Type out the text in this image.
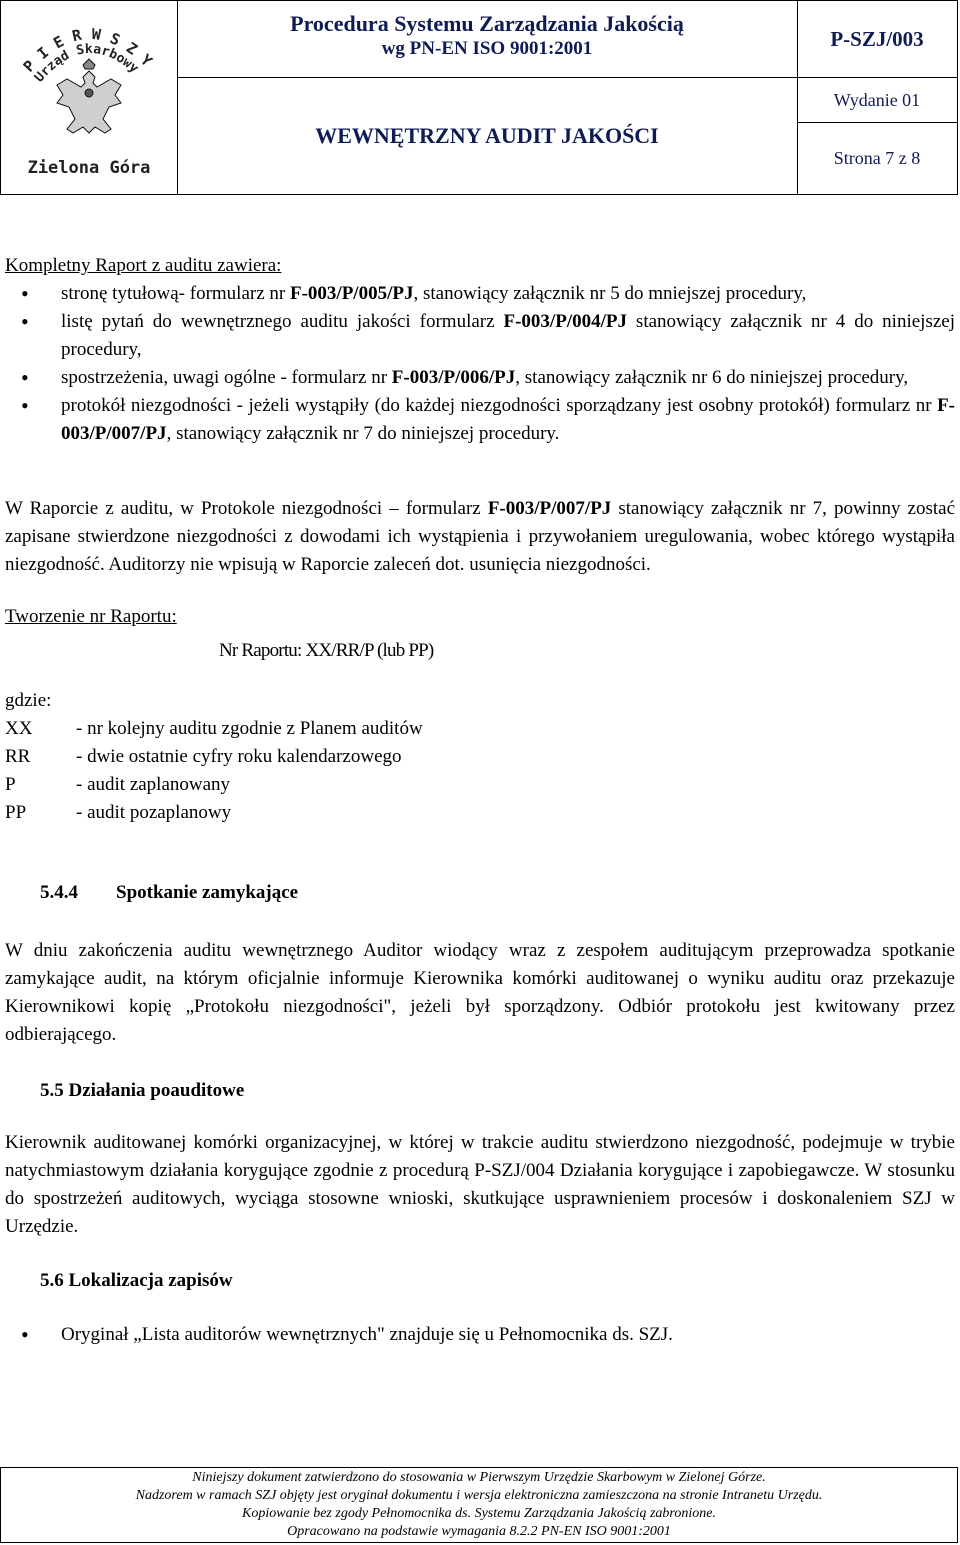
P I E R W S Z Y
Urząd Skarbowy
Zielona Góra
Procedura Systemu Zarządzania Jakością
wg PN-EN ISO 9001:2001
WEWNĘTRZNY AUDIT JAKOŚCI
P-SZJ/003
Wydanie 01
Strona 7 z 8
Kompletny Raport z auditu zawiera:
• stronę tytułową- formularz nr F-003/P/005/PJ, stanowiący załącznik nr 5 do mniejszej procedury,
• listę pytań do wewnętrznego auditu jakości formularz F-003/P/004/PJ stanowiący załącznik nr 4 do niniejszej procedury,
• spostrzeżenia, uwagi ogólne - formularz nr F-003/P/006/PJ, stanowiący załącznik nr 6 do niniejszej procedury,
• protokół niezgodności - jeżeli wystąpiły (do każdej niezgodności sporządzany jest osobny protokół) formularz nr F-003/P/007/PJ, stanowiący załącznik nr 7 do niniejszej procedury.

W Raporcie z auditu, w Protokole niezgodności – formularz F-003/P/007/PJ stanowiący załącznik nr 7, powinny zostać zapisane stwierdzone niezgodności z dowodami ich wystąpienia i przywołaniem uregulowania, wobec którego wystąpiła niezgodność. Auditorzy nie wpisują w Raporcie zaleceń dot. usunięcia niezgodności.

Tworzenie nr Raportu:
Nr Raportu: XX/RR/P (lub PP)
gdzie:
XX	- nr kolejny auditu zgodnie z Planem auditów
RR	- dwie ostatnie cyfry roku kalendarzowego
P	- audit zaplanowany
PP	- audit pozaplanowy
5.4.4 Spotkanie zamykające

W dniu zakończenia auditu wewnętrznego Auditor wiodący wraz z zespołem auditującym przeprowadza spotkanie zamykające audit, na którym oficjalnie informuje Kierownika komórki auditowanej o wyniku auditu oraz przekazuje Kierownikowi kopię „Protokołu niezgodności", jeżeli był sporządzony. Odbiór protokołu jest kwitowany przez odbierającego.

5.5 Działania poauditowe

Kierownik auditowanej komórki organizacyjnej, w której w trakcie auditu stwierdzono niezgodność, podejmuje w trybie natychmiastowym działania korygujące zgodnie z procedurą P-SZJ/004 Działania korygujące i zapobiegawcze. W stosunku do spostrzeżeń auditowych, wyciąga stosowne wnioski, skutkujące usprawnieniem procesów i doskonaleniem SZJ w Urzędzie.

5.6 Lokalizacja zapisów
• Oryginał „Lista auditorów wewnętrznych" znajduje się u Pełnomocnika ds. SZJ.
Niniejszy dokument zatwierdzono do stosowania w Pierwszym Urzędzie Skarbowym w Zielonej Górze.
Nadzorem w ramach SZJ objęty jest oryginał dokumentu i wersja elektroniczna zamieszczona na stronie Intranetu Urzędu.
Kopiowanie bez zgody Pełnomocnika ds. Systemu Zarządzania Jakością zabronione.
Opracowano na podstawie wymagania 8.2.2 PN-EN ISO 9001:2001
